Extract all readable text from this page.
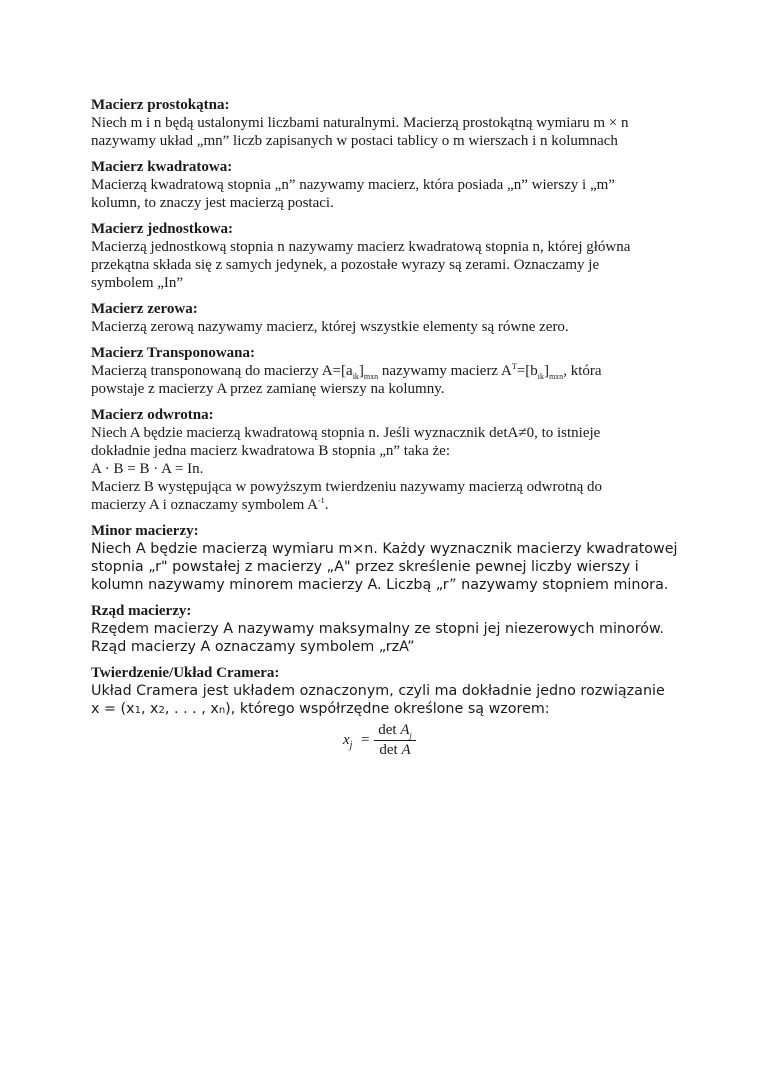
Macierz prostokątna:

Niech m i n będą ustalonymi liczbami naturalnymi. Macierzą prostokątną wymiaru m × n

nazywamy układ „mn” liczb zapisanych w postaci tablicy o m wierszach i n kolumnach

Macierz kwadratowa:

Macierzą kwadratową stopnia „n” nazywamy macierz, która posiada „n” wierszy i „m”

kolumn, to znaczy jest macierzą postaci.

Macierz jednostkowa:

Macierzą jednostkową stopnia n nazywamy macierz kwadratową stopnia n, której główna

przekątna składa się z samych jedynek, a pozostałe wyrazy są zerami. Oznaczamy je

symbolem „In”

Macierz zerowa:

Macierzą zerową nazywamy macierz, której wszystkie elementy są równe zero.

Macierz Transponowana:

Macierzą transponowaną do macierzy $A=[a_{ik}]_{mxn}$ nazywamy macierz $A^T=[b_{ik}]_{mxn}$, która

powstaje z macierzy A przez zamianę wierszy na kolumny.

Macierz odwrotna:

Niech A będzie macierzą kwadratową stopnia n. Jeśli wyznacznik detA≠0, to istnieje

dokładnie jedna macierz kwadratowa B stopnia „n” taka że:

A · B = B · A = In.

Macierz B występująca w powyższym twierdzeniu nazywamy macierzą odwrotną do

macierzy A i oznaczamy symbolem $A^{-1}$.

Minor macierzy:

Niech A będzie macierzą wymiaru m×n. Każdy wyznacznik macierzy kwadratowej

stopnia „r" powstałej z macierzy „A" przez skreślenie pewnej liczby wierszy i

kolumn nazywamy minorem macierzy A. Liczbą „r” nazywamy stopniem minora.

Rząd macierzy:

Rzędem macierzy A nazywamy maksymalny ze stopni jej niezerowych minorów.

Rząd macierzy A oznaczamy symbolem „rzA”

Twierdzenie/Układ Cramera:

Układ Cramera jest układem oznaczonym, czyli ma dokładnie jedno rozwiązanie

x = (x1, x2, . . . , xn), którego współrzędne określone są wzorem:

$x_j$ =
$\det A_j$
det A
